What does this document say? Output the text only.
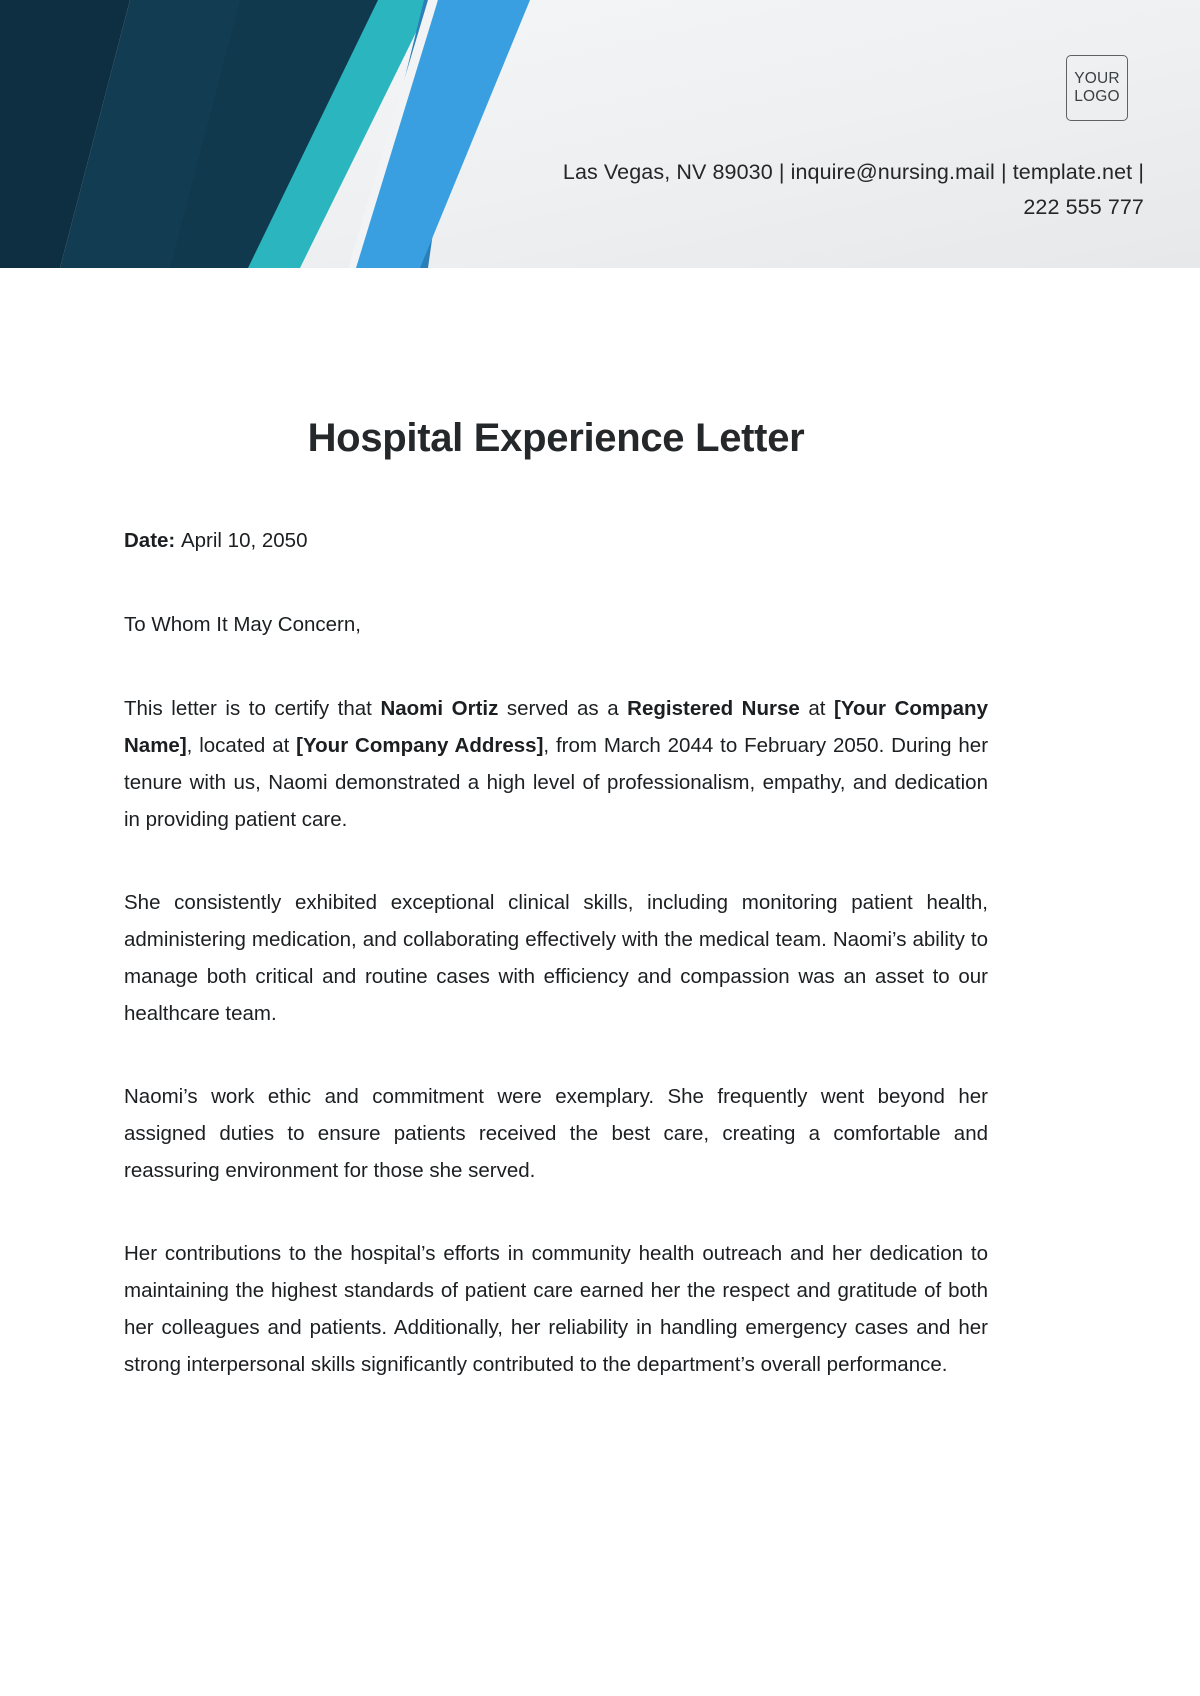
YOUR
LOGO
Las Vegas, NV 89030 | inquire@nursing.mail | template.net | 222 555 777
Hospital Experience Letter
Date: April 10, 2050
To Whom It May Concern,

This letter is to certify that Naomi Ortiz served as a Registered Nurse at [Your Company Name], located at [Your Company Address], from March 2044 to February 2050. During her tenure with us, Naomi demonstrated a high level of professionalism, empathy, and dedication in providing patient care.

She consistently exhibited exceptional clinical skills, including monitoring patient health, administering medication, and collaborating effectively with the medical team. Naomi’s ability to manage both critical and routine cases with efficiency and compassion was an asset to our healthcare team.

Naomi’s work ethic and commitment were exemplary. She frequently went beyond her assigned duties to ensure patients received the best care, creating a comfortable and reassuring environment for those she served.

Her contributions to the hospital’s efforts in community health outreach and her dedication to maintaining the highest standards of patient care earned her the respect and gratitude of both her colleagues and patients. Additionally, her reliability in handling emergency cases and her strong interpersonal skills significantly contributed to the department’s overall performance.
